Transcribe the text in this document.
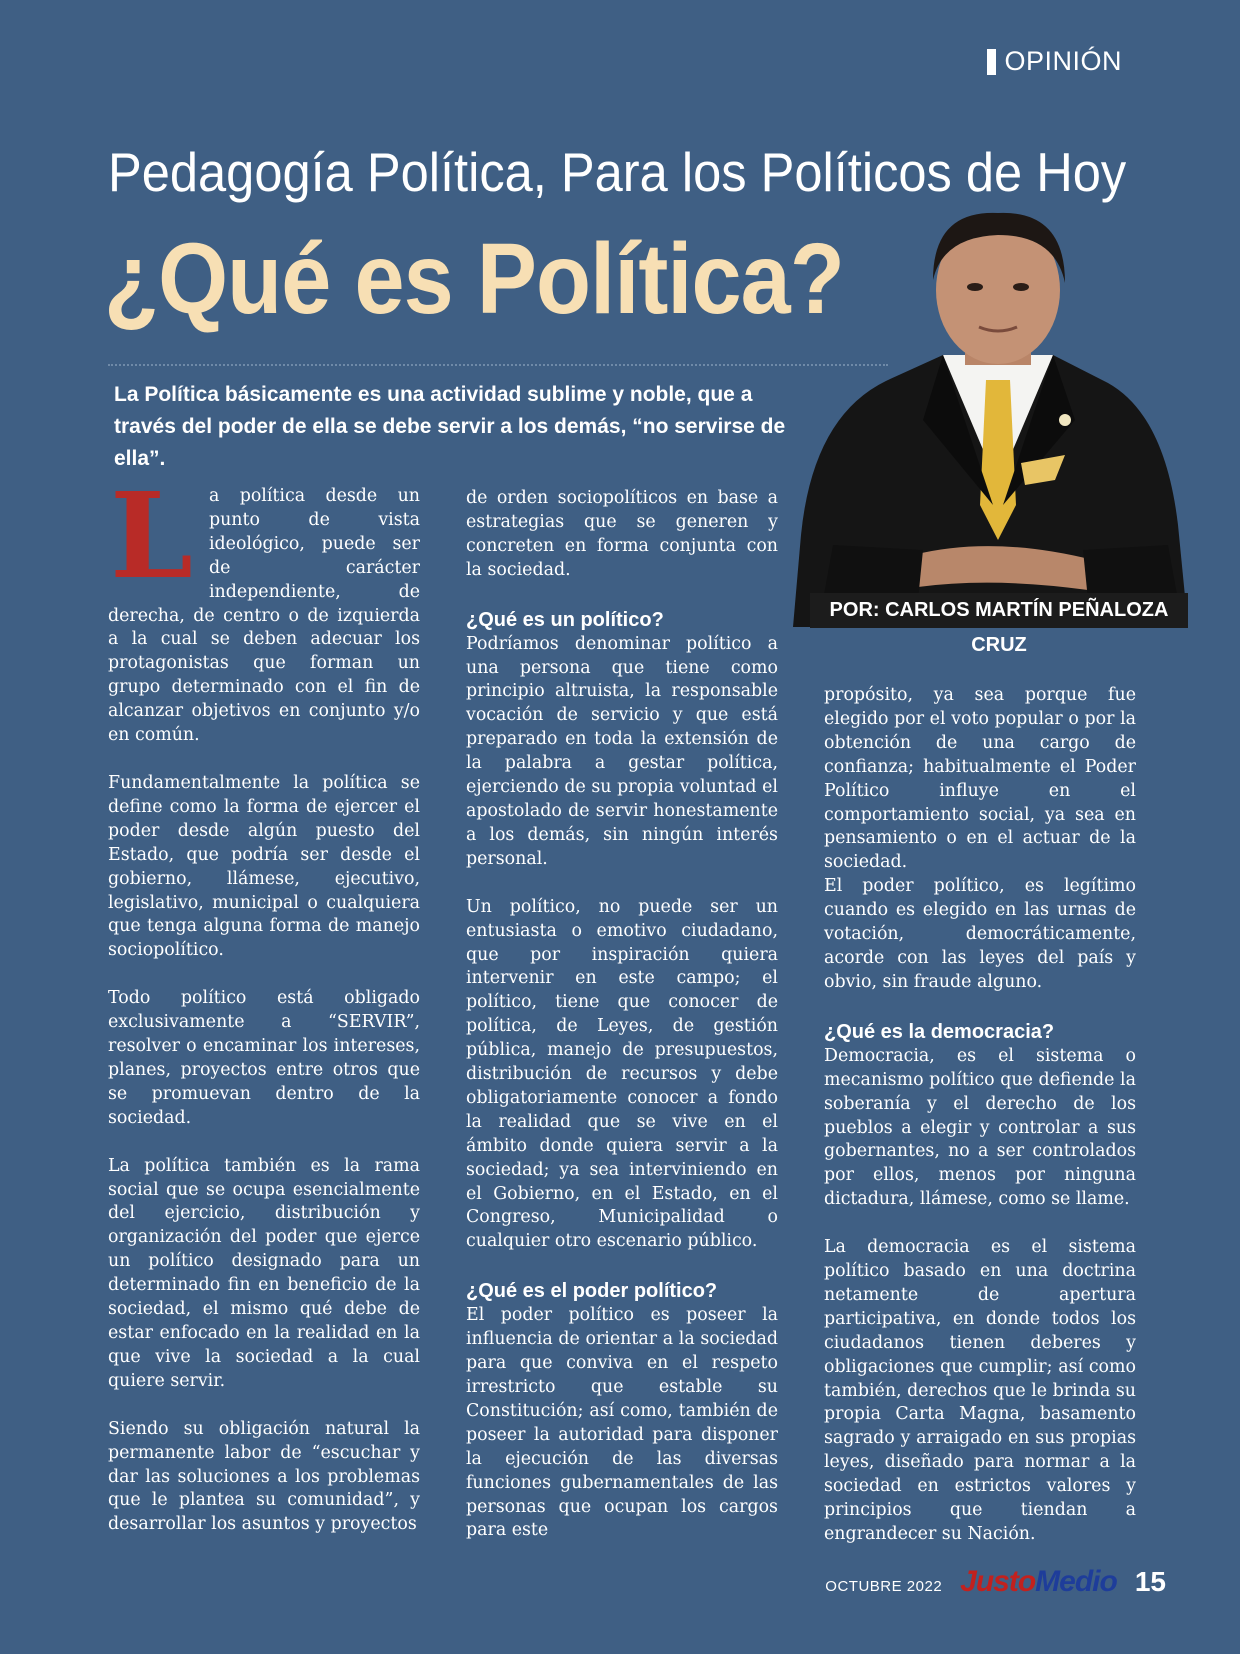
OPINIÓN
Pedagogía Política, Para los Políticos de Hoy
¿Qué es Política?
La Política básicamente es una actividad sublime y noble, que a través del poder de ella se debe servir a los demás, “no servirse de ella”.
POR: CARLOS MARTÍN PEÑALOZA CRUZ

L a política desde un punto de vista ideológico, puede ser de carácter independiente, de derecha, de centro o de izquierda a la cual se deben adecuar los protagonistas que forman un grupo determinado con el fin de alcanzar objetivos en conjunto y/o en común.

Fundamentalmente la política se define como la forma de ejercer el poder desde algún puesto del Estado, que podría ser desde el gobierno, llámese, ejecutivo, legislativo, municipal o cualquiera que tenga alguna forma de manejo sociopolítico.

Todo político está obligado exclusivamente a “SERVIR”, resolver o encaminar los intereses, planes, proyectos entre otros que se promuevan dentro de la sociedad.

La política también es la rama social que se ocupa esencialmente del ejercicio, distribución y organización del poder que ejerce un político designado para un determinado fin en beneficio de la sociedad, el mismo qué debe de estar enfocado en la realidad en la que vive la sociedad a la cual quiere servir.

Siendo su obligación natural la permanente labor de “escuchar y dar las soluciones a los problemas que le plantea su comunidad”, y desarrollar los asuntos y proyectos

de orden sociopolíticos en base a estrategias que se generen y concreten en forma conjunta con la sociedad.

¿Qué es un político?

Podríamos denominar político a una persona que tiene como principio altruista, la responsable vocación de servicio y que está preparado en toda la extensión de la palabra a gestar política, ejerciendo de su propia voluntad el apostolado de servir honestamente a los demás, sin ningún interés personal.

Un político, no puede ser un entusiasta o emotivo ciudadano, que por inspiración quiera intervenir en este campo; el político, tiene que conocer de política, de Leyes, de gestión pública, manejo de presupuestos, distribución de recursos y debe obligatoriamente conocer a fondo la realidad que se vive en el ámbito donde quiera servir a la sociedad; ya sea interviniendo en el Gobierno, en el Estado, en el Congreso, Municipalidad o cualquier otro escenario público.

¿Qué es el poder político?

El poder político es poseer la influencia de orientar a la sociedad para que conviva en el respeto irrestricto que estable su Constitución; así como, también de poseer la autoridad para disponer la ejecución de las diversas funciones gubernamentales de las personas que ocupan los cargos para este

propósito, ya sea porque fue elegido por el voto popular o por la obtención de una cargo de confianza; habitualmente el Poder Político influye en el comportamiento social, ya sea en pensamiento o en el actuar de la sociedad.

El poder político, es legítimo cuando es elegido en las urnas de votación, democráticamente, acorde con las leyes del país y obvio, sin fraude alguno.

¿Qué es la democracia?

Democracia, es el sistema o mecanismo político que defiende la soberanía y el derecho de los pueblos a elegir y controlar a sus gobernantes, no a ser controlados por ellos, menos por ninguna dictadura, llámese, como se llame.

La democracia es el sistema político basado en una doctrina netamente de apertura participativa, en donde todos los ciudadanos tienen deberes y obligaciones que cumplir; así como también, derechos que le brinda su propia Carta Magna, basamento sagrado y arraigado en sus propias leyes, diseñado para normar a la sociedad en estrictos valores y principios que tiendan a engrandecer su Nación.

OCTUBRE 2022 JustoMedio 15
